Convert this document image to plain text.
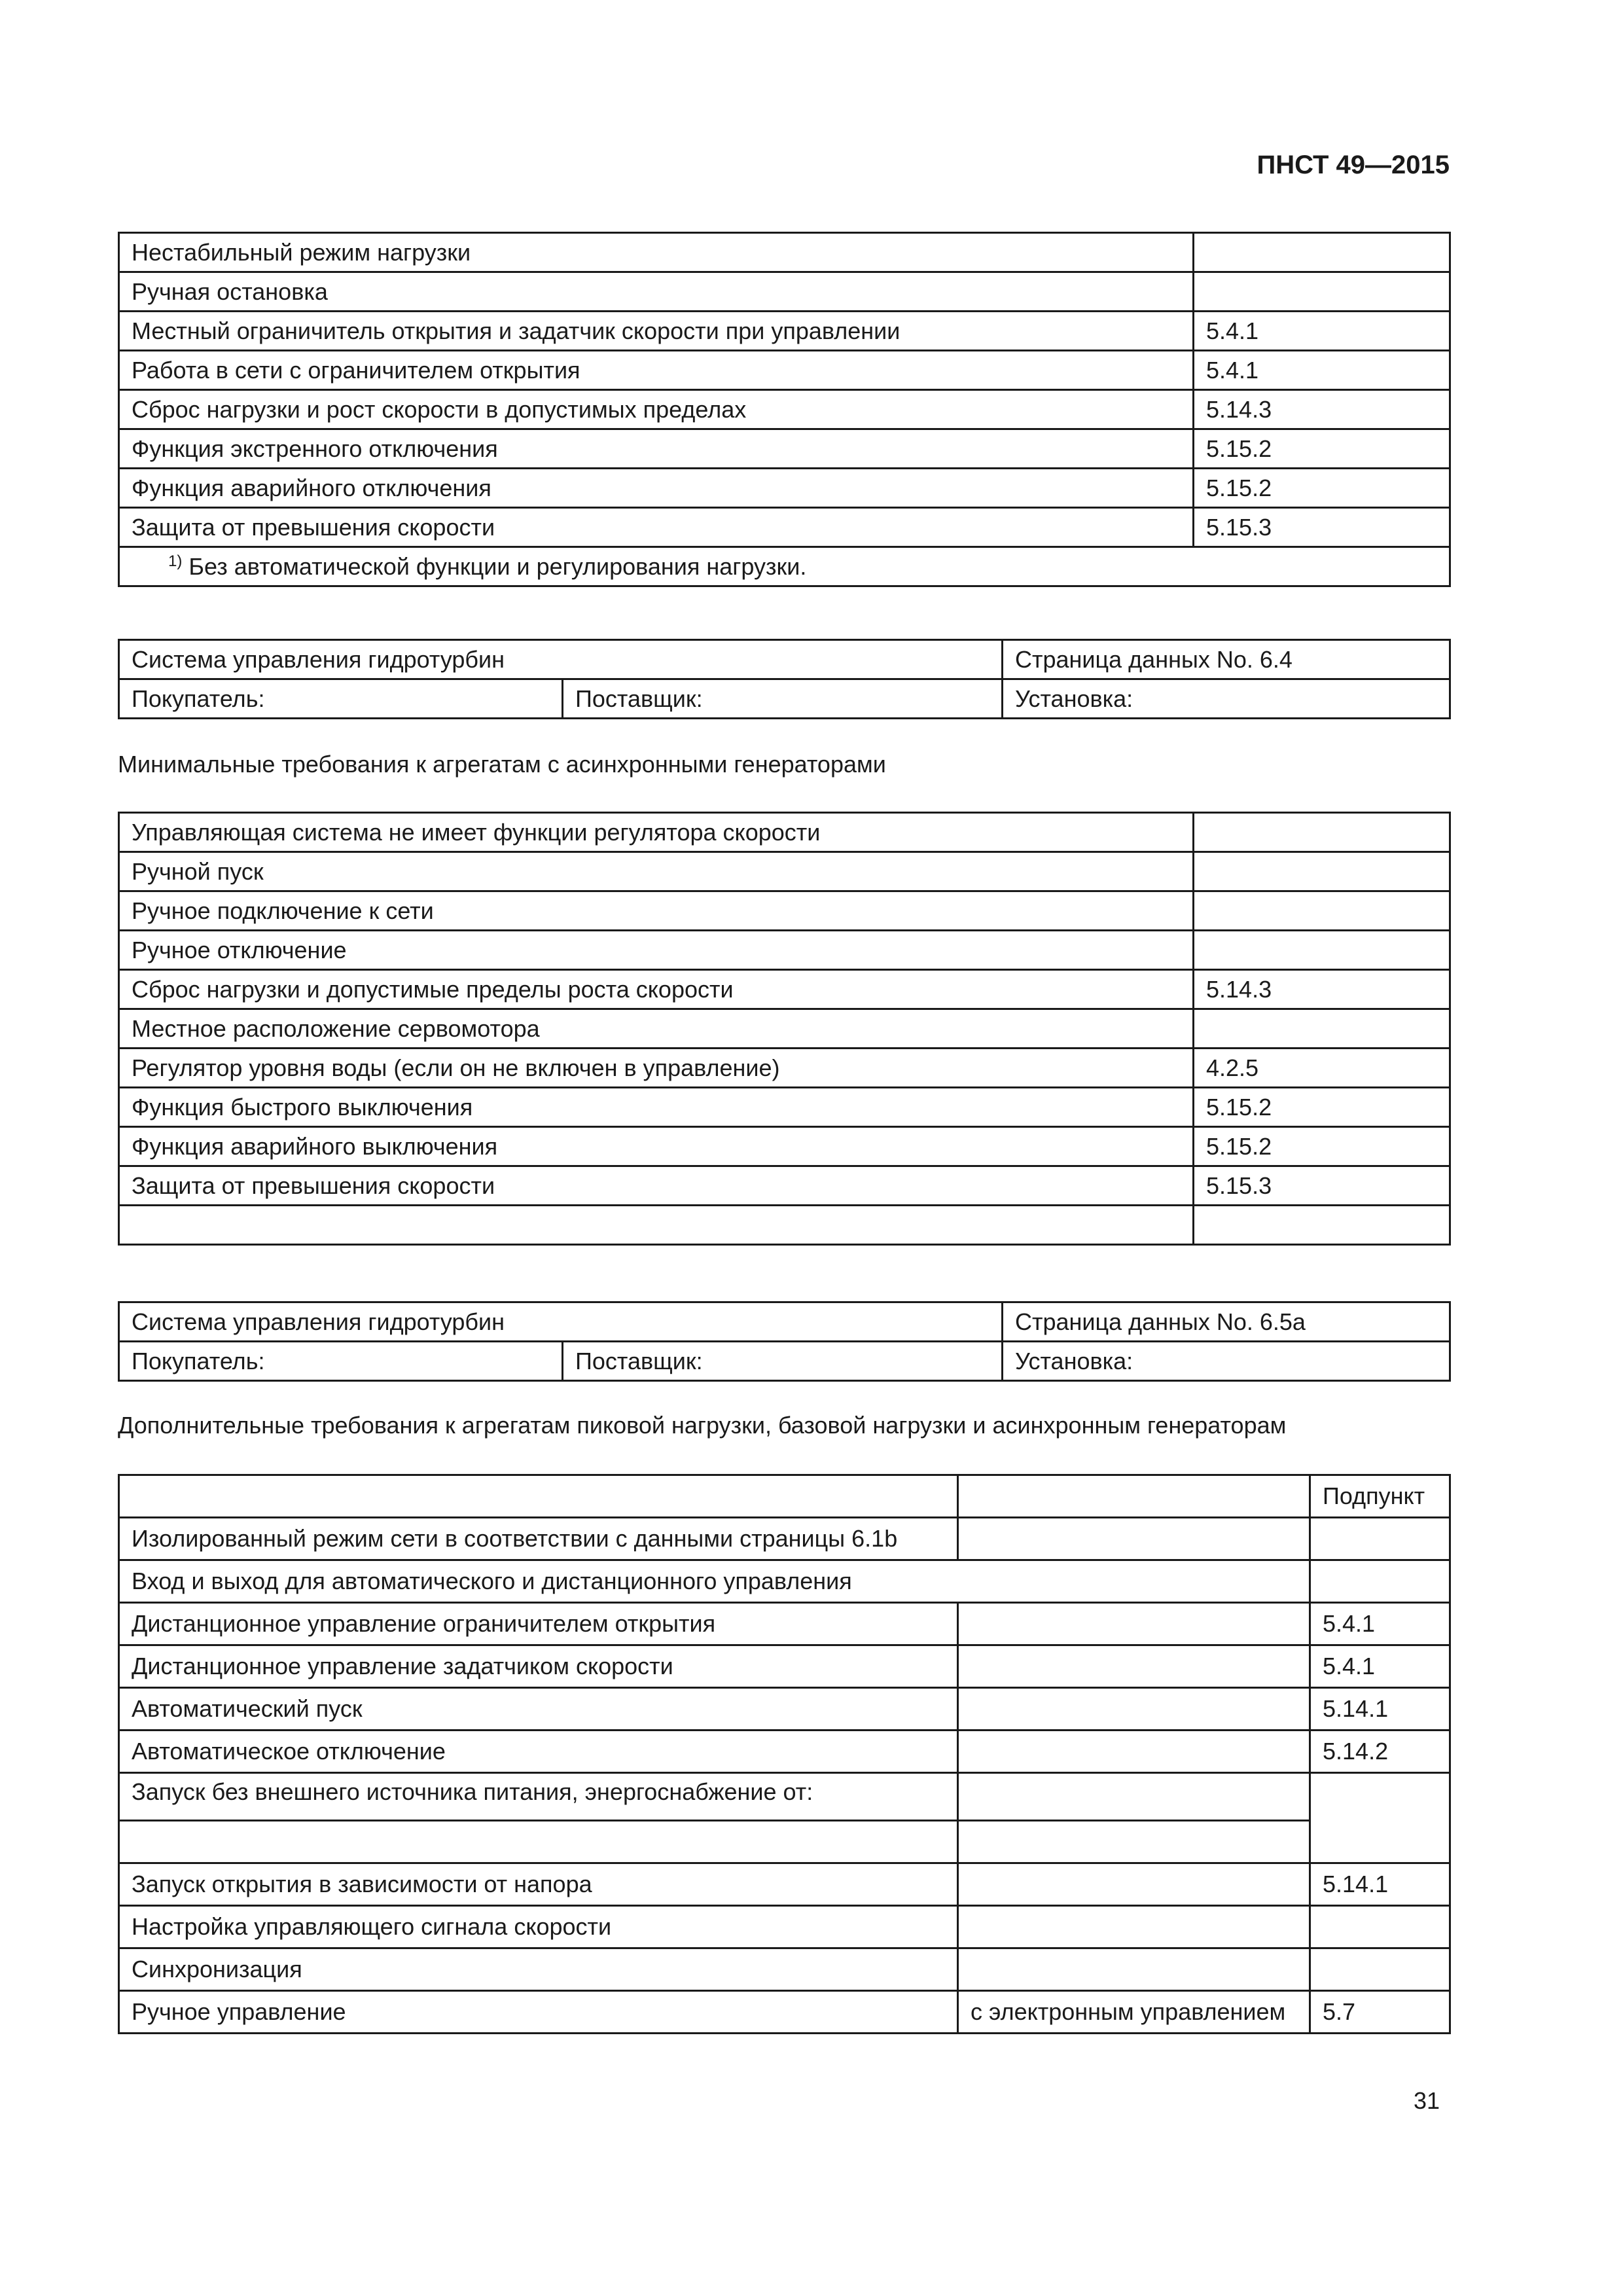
ПНСТ 49—2015
Нестабильный режим нагрузки	
Ручная остановка	
Местный ограничитель открытия и задатчик скорости при управлении	5.4.1
Работа в сети с ограничителем открытия	5.4.1
Сброс нагрузки и рост скорости в допустимых пределах	5.14.3
Функция экстренного отключения	5.15.2
Функция аварийного отключения	5.15.2
Защита от превышения скорости	5.15.3
$^{1)}$ Без автоматической функции и регулирования нагрузки.	
Система управления гидротурбин		Страница данных No. 6.4
Покупатель:	Поставщик:	Установка:
Минимальные требования к агрегатам с асинхронными генераторами
Управляющая система не имеет функции регулятора скорости	
Ручной пуск	
Ручное подключение к сети	
Ручное отключение	
Сброс нагрузки и допустимые пределы роста скорости	5.14.3
Местное расположение сервомотора	
Регулятор уровня воды (если он не включен в управление)	4.2.5
Функция быстрого выключения	5.15.2
Функция аварийного выключения	5.15.2
Защита от превышения скорости	5.15.3

Система управления гидротурбин		Страница данных No. 6.5a
Покупатель:	Поставщик:	Установка:
Дополнительные требования к агрегатам пиковой нагрузки, базовой нагрузки и асинхронным генераторам
		Подпункт
Изолированный режим сети в соответствии с данными страницы 6.1b		
Вход и выход для автоматического и дистанционного управления		
Дистанционное управление ограничителем открытия		5.4.1
Дистанционное управление задатчиком скорости		5.4.1
Автоматический пуск		5.14.1
Автоматическое отключение		5.14.2
Запуск без внешнего источника питания, энергоснабжение от:		

Запуск открытия в зависимости от напора		5.14.1
Настройка управляющего сигнала скорости		
Синхронизация		
Ручное управление	с электронным управлением	5.7
31
